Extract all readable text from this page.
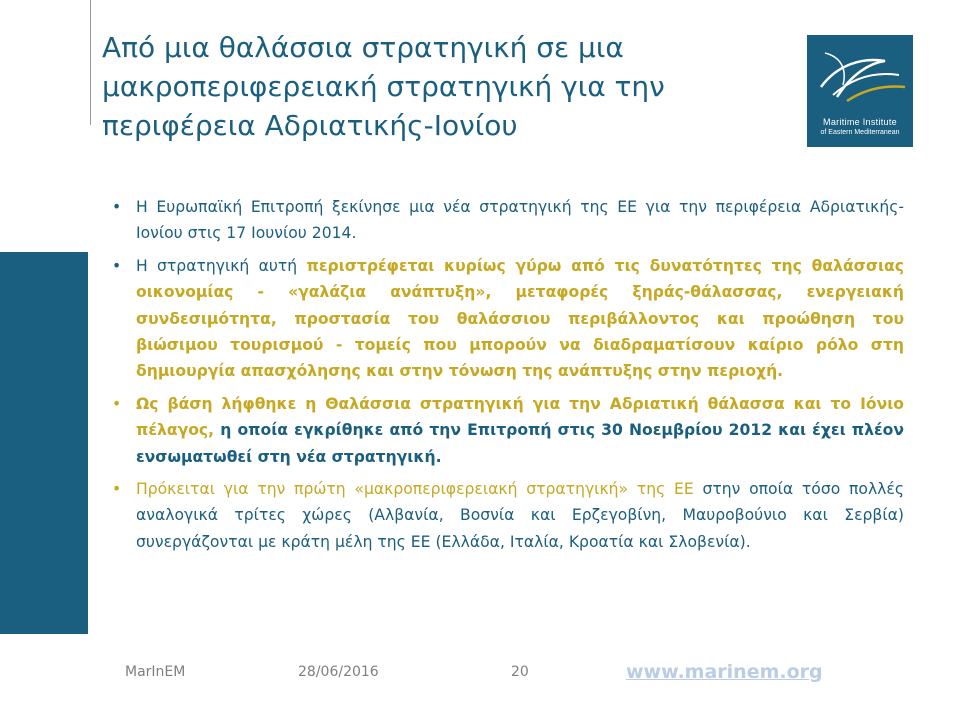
Από μια θαλάσσια στρατηγική σε μια μακροπεριφερειακή στρατηγική για την περιφέρεια Αδριατικής-Ιονίου	Maritime Institute
of Eastern Mediterranean
• Η Ευρωπαϊκή Επιτροπή ξεκίνησε μια νέα στρατηγική της ΕΕ για την περιφέρεια Αδριατικής-Ιονίου στις 17 Ιουνίου 2014.
• Η στρατηγική αυτή περιστρέφεται κυρίως γύρω από τις δυνατότητες της θαλάσσιας οικονομίας - «γαλάζια ανάπτυξη», μεταφορές ξηράς-θάλασσας, ενεργειακή συνδεσιμότητα, προστασία του θαλάσσιου περιβάλλοντος και προώθηση του βιώσιμου τουρισμού - τομείς που μπορούν να διαδραματίσουν καίριο ρόλο στη δημιουργία απασχόλησης και στην τόνωση της ανάπτυξης στην περιοχή.
• Ως βάση λήφθηκε η Θαλάσσια στρατηγική για την Αδριατική θάλασσα και το Ιόνιο πέλαγος, η οποία εγκρίθηκε από την Επιτροπή στις 30 Νοεμβρίου 2012 και έχει πλέον ενσωματωθεί στη νέα στρατηγική.
• Πρόκειται για την πρώτη «μακροπεριφερειακή στρατηγική» της ΕΕ στην οποία τόσο πολλές αναλογικά τρίτες χώρες (Αλβανία, Βοσνία και Ερζεγοβίνη, Μαυροβούνιο και Σερβία) συνεργάζονται με κράτη μέλη της ΕΕ (Ελλάδα, Ιταλία, Κροατία και Σλοβενία).
MarInEM	28/06/2016	20	www.marinem.org
